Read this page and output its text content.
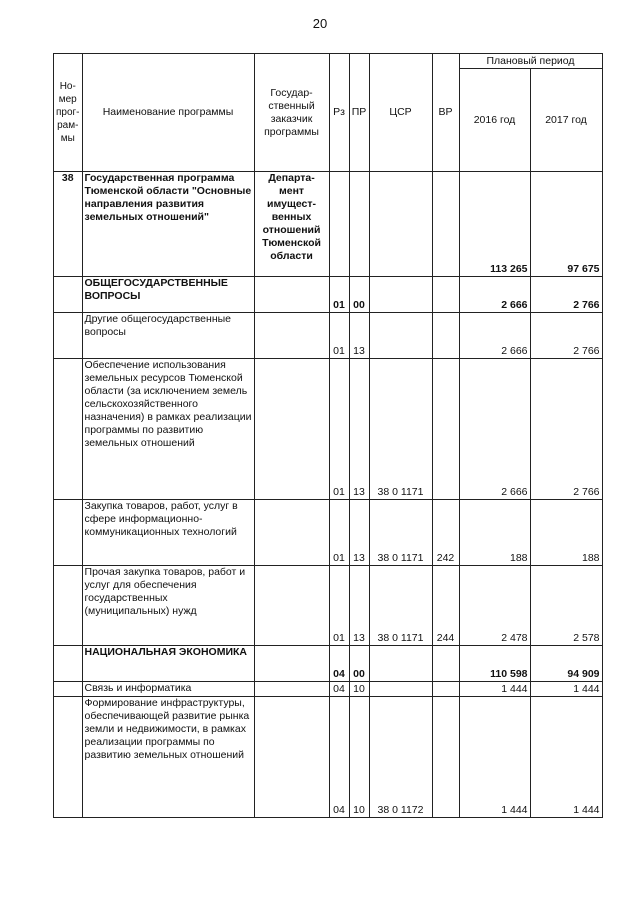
20
Но-мер прог-рам-мы	Наименование программы	Государ-ственный заказчик программы	Рз	ПР	ЦСР	ВР	Плановый период	
							2016 год	2017 год
38	Государственная программа Тюменской области "Основные направления развития земельных отношений"	Департа-мент имущест-венных отношений Тюменской области					113 265	97 675
	ОБЩЕГОСУДАРСТВЕННЫЕ ВОПРОСЫ		01	00			2 666	2 766
	Другие общегосударственные вопросы		01	13			2 666	2 766
	Обеспечение использования земельных ресурсов Тюменской области (за исключением земель сельскохозяйственного назначения) в рамках реализации программы по развитию земельных отношений		01	13	38 0 1171		2 666	2 766
	Закупка товаров, работ, услуг в сфере информационно-коммуникационных технологий		01	13	38 0 1171	242	188	188
	Прочая закупка товаров, работ и услуг для обеспечения государственных (муниципальных) нужд		01	13	38 0 1171	244	2 478	2 578
	НАЦИОНАЛЬНАЯ ЭКОНОМИКА		04	00			110 598	94 909
	Связь и информатика		04	10			1 444	1 444
	Формирование инфраструктуры, обеспечивающей развитие рынка земли и недвижимости, в рамках реализации программы по развитию земельных отношений		04	10	38 0 1172		1 444	1 444
